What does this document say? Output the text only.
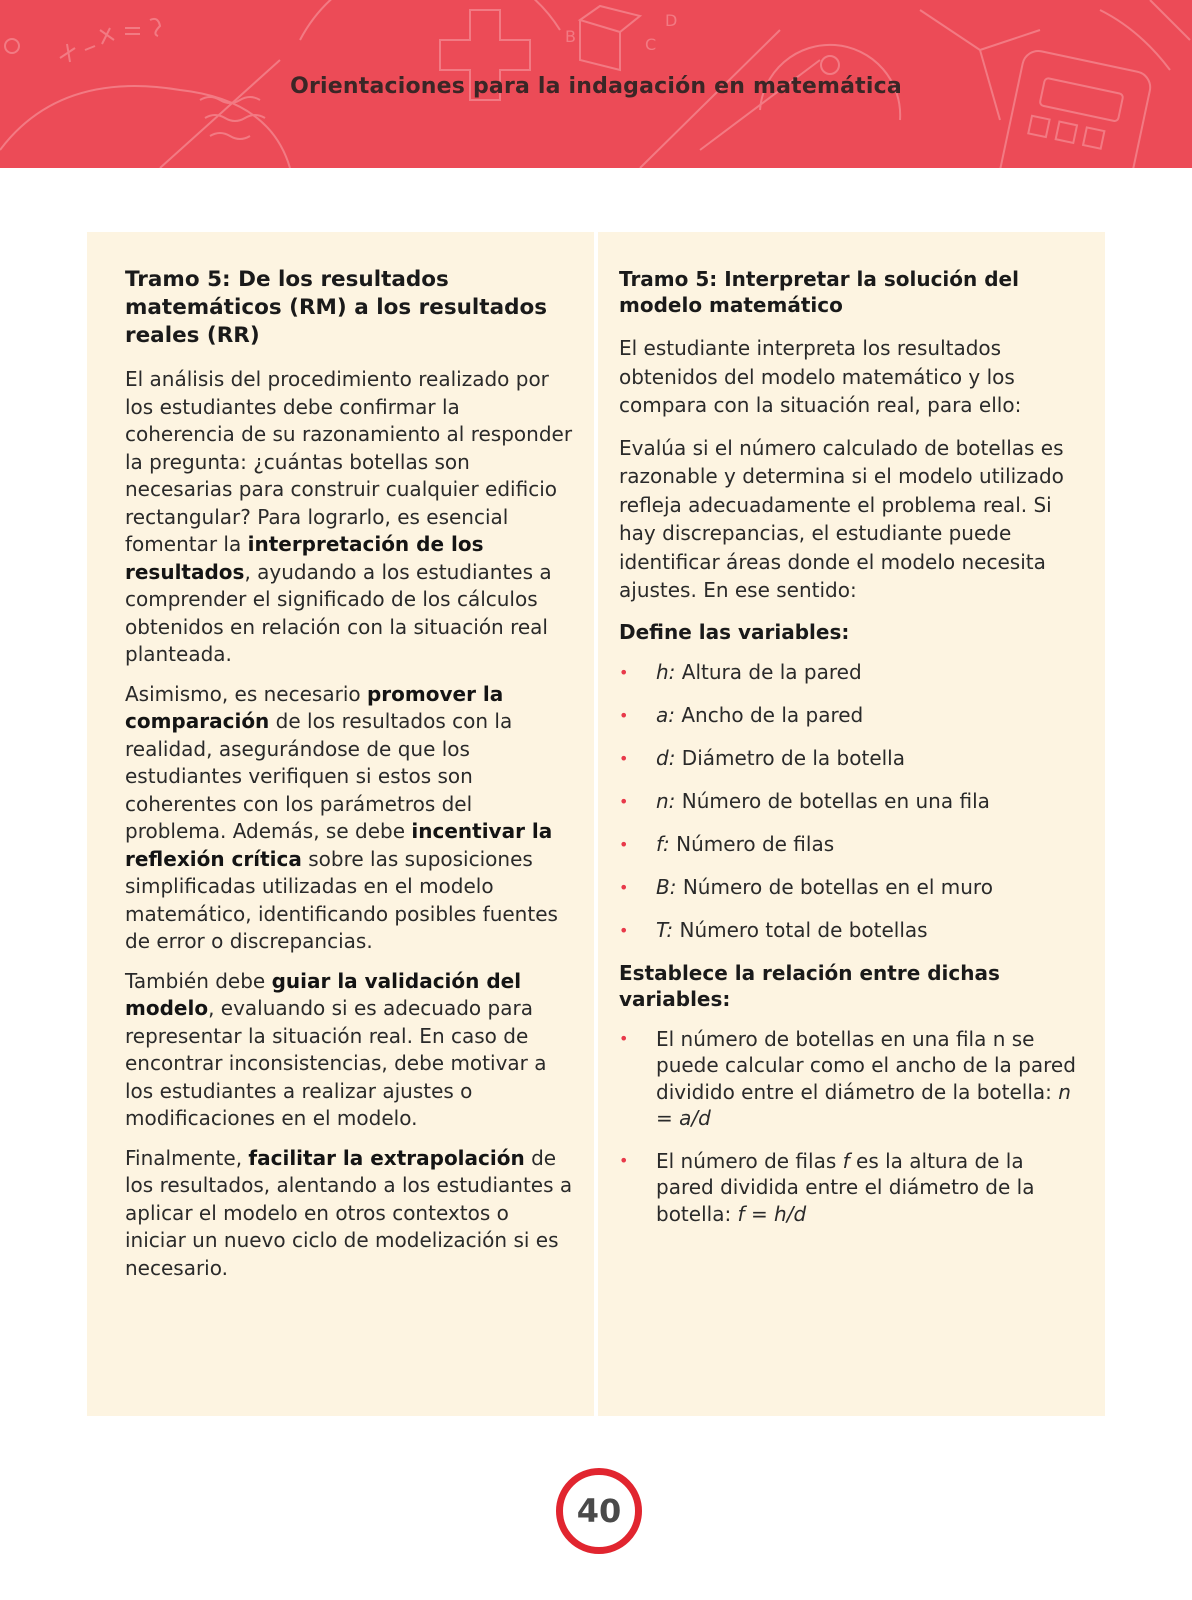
B	C
D
Orientaciones para la indagación en matemática
Tramo 5: De los resultados matemáticos (RM) a los resultados reales (RR)

El análisis del procedimiento realizado por los estudiantes debe confirmar la coherencia de su razonamiento al responder la pregunta: ¿cuántas botellas son necesarias para construir cualquier edificio rectangular? Para lograrlo, es esencial fomentar la interpretación de los resultados, ayudando a los estudiantes a comprender el significado de los cálculos obtenidos en relación con la situación real planteada.

Asimismo, es necesario promover la comparación de los resultados con la realidad, asegurándose de que los estudiantes verifiquen si estos son coherentes con los parámetros del problema. Además, se debe incentivar la reflexión crítica sobre las suposiciones simplificadas utilizadas en el modelo matemático, identificando posibles fuentes de error o discrepancias.

También debe guiar la validación del modelo, evaluando si es adecuado para representar la situación real. En caso de encontrar inconsistencias, debe motivar a los estudiantes a realizar ajustes o modificaciones en el modelo.

Finalmente, facilitar la extrapolación de los resultados, alentando a los estudiantes a aplicar el modelo en otros contextos o iniciar un nuevo ciclo de modelización si es necesario.

Tramo 5: Interpretar la solución del modelo matemático

El estudiante interpreta los resultados obtenidos del modelo matemático y los compara con la situación real, para ello:

Evalúa si el número calculado de botellas es razonable y determina si el modelo utilizado refleja adecuadamente el problema real. Si hay discrepancias, el estudiante puede identificar áreas donde el modelo necesita ajustes. En ese sentido:

Define las variables:
• h: Altura de la pared
• a: Ancho de la pared
• d: Diámetro de la botella
• n: Número de botellas en una fila
• f: Número de filas
• B: Número de botellas en el muro
• T: Número total de botellas
Establece la relación entre dichas variables:
• El número de botellas en una fila n se puede calcular como el ancho de la pared dividido entre el diámetro de la botella: n = a/d
• El número de filas f es la altura de la pared dividida entre el diámetro de la botella: f = h/d
40
